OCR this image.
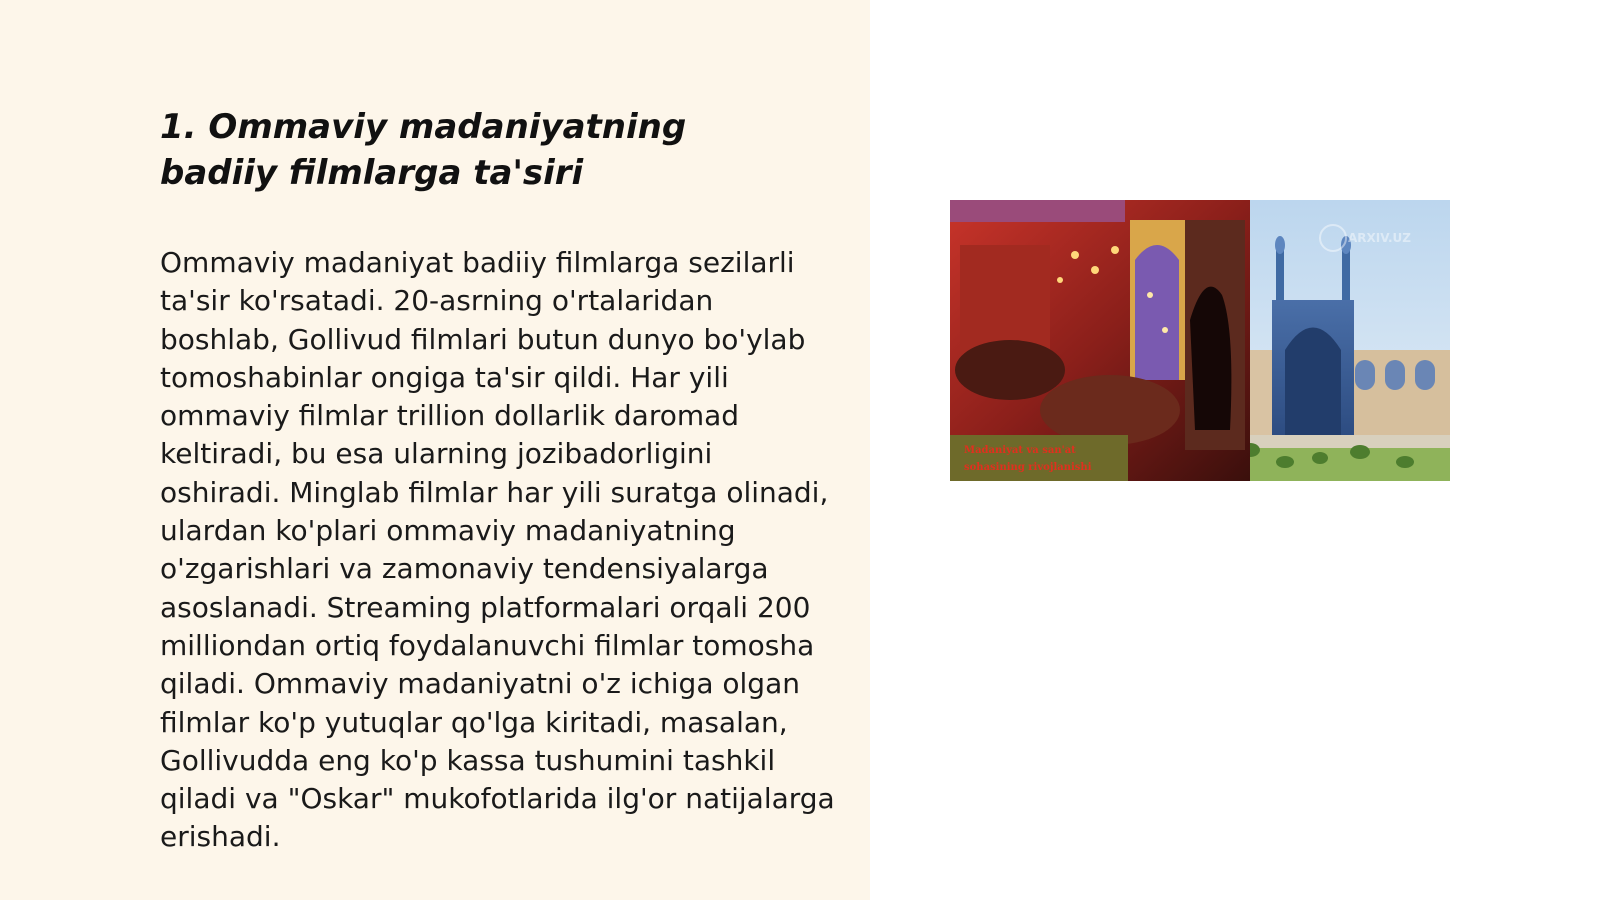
1. Ommaviy madaniyatning badiiy filmlarga ta'siri

Ommaviy madaniyat badiiy filmlarga sezilarli ta'sir ko'rsatadi. 20-asrning o'rtalaridan boshlab, Gollivud filmlari butun dunyo bo'ylab tomoshabinlar ongiga ta'sir qildi. Har yili ommaviy filmlar trillion dollarlik daromad keltiradi, bu esa ularning jozibadorligini oshiradi. Minglab filmlar har yili suratga olinadi, ulardan ko'plari ommaviy madaniyatning o'zgarishlari va zamonaviy tendensiyalarga asoslanadi. Streaming platformalari orqali 200 milliondan ortiq foydalanuvchi filmlar tomosha qiladi. Ommaviy madaniyatni o'z ichiga olgan filmlar ko'p yutuqlar qo'lga kiritadi, masalan, Gollivudda eng ko'p kassa tushumini tashkil qiladi va "Oskar" mukofotlarida ilg'or natijalarga erishadi.

Madaniyat va san'at
sohasining rivojlanishi
ARXIV.UZ
